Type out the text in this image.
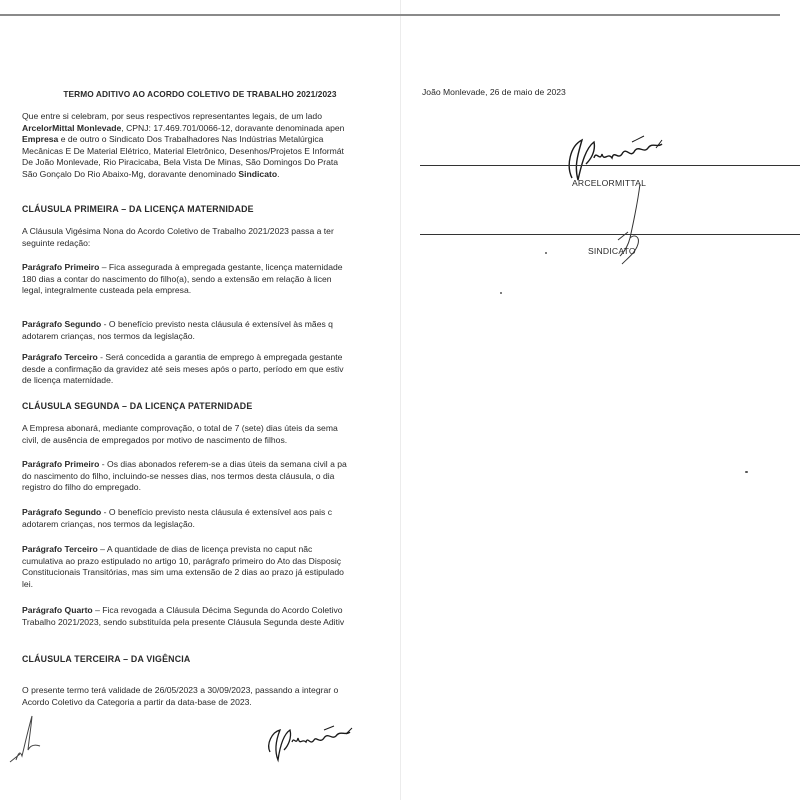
TERMO ADITIVO AO ACORDO COLETIVO DE TRABALHO 2021/2023
Que entre si celebram, por seus respectivos representantes legais, de um lado
ArcelorMittal Monlevade, CPNJ: 17.469.701/0066-12, doravante denominada apen
Empresa e de outro o Sindicato Dos Trabalhadores Nas Indústrias Metalúrgica
Mecânicas E De Material Elétrico, Material Eletrônico, Desenhos/Projetos E Informát
De João Monlevade, Rio Piracicaba, Bela Vista De Minas, São Domingos Do Prata
São Gonçalo Do Rio Abaixo-Mg, doravante denominado Sindicato.
CLÁUSULA PRIMEIRA – DA LICENÇA MATERNIDADE
A Cláusula Vigésima Nona do Acordo Coletivo de Trabalho 2021/2023 passa a ter
seguinte redação:
Parágrafo Primeiro – Fica assegurada à empregada gestante, licença maternidade
180 dias a contar do nascimento do filho(a), sendo a extensão em relação à licen
legal, integralmente custeada pela empresa.
Parágrafo Segundo - O benefício previsto nesta cláusula é extensível às mães q
adotarem crianças, nos termos da legislação.
Parágrafo Terceiro - Será concedida a garantia de emprego à empregada gestante
desde a confirmação da gravidez até seis meses após o parto, período em que estiv
de licença maternidade.
CLÁUSULA SEGUNDA – DA LICENÇA PATERNIDADE
A Empresa abonará, mediante comprovação, o total de 7 (sete) dias úteis da sema
civil, de ausência de empregados por motivo de nascimento de filhos.
Parágrafo Primeiro - Os dias abonados referem-se a dias úteis da semana civil a pa
do nascimento do filho, incluindo-se nesses dias, nos termos desta cláusula, o dia
registro do filho do empregado.
Parágrafo Segundo - O benefício previsto nesta cláusula é extensível aos pais c
adotarem crianças, nos termos da legislação.
Parágrafo Terceiro – A quantidade de dias de licença prevista no caput nãc
cumulativa ao prazo estipulado no artigo 10, parágrafo primeiro do Ato das Disposiç
Constitucionais Transitórias, mas sim uma extensão de 2 dias ao prazo já estipulado
lei.
Parágrafo Quarto – Fica revogada a Cláusula Décima Segunda do Acordo Coletivo
Trabalho 2021/2023, sendo substituída pela presente Cláusula Segunda deste Aditiv
CLÁUSULA TERCEIRA – DA VIGÊNCIA
O presente termo terá validade de 26/05/2023 a 30/09/2023, passando a integrar o
Acordo Coletivo da Categoria a partir da data-base de 2023.
João Monlevade, 26 de maio de 2023
ARCELORMITTAL
SINDICATO
